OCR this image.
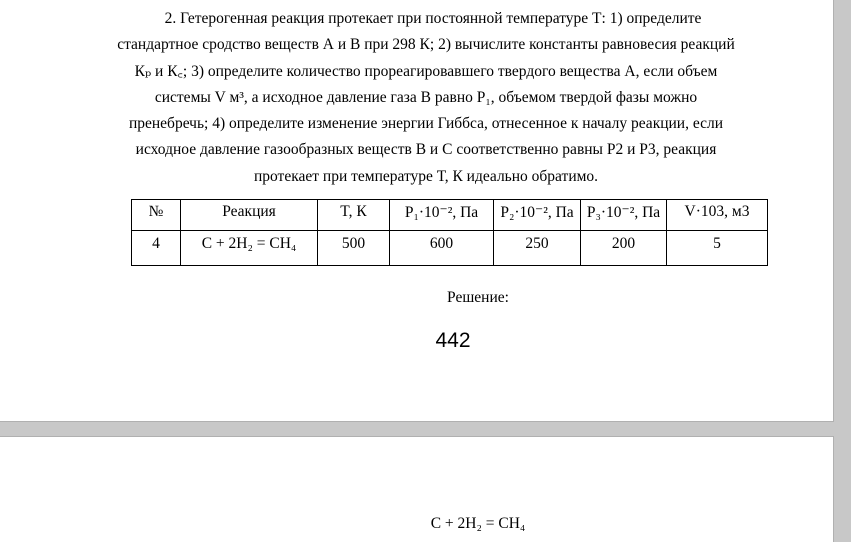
2. Гетерогенная реакция протекает при постоянной температуре Т: 1) определите
стандартное сродство веществ А и В при 298 К; 2) вычислите константы равновесия реакций
Кₚ и К꜀; 3) определите количество прореагировавшего твердого вещества А, если объем
системы V м³, а исходное давление газа В равно P₁, объемом твердой фазы можно
пренебречь; 4) определите изменение энергии Гиббса, отнесенное к началу реакции, если
исходное давление газообразных веществ В и С соответственно равны Р2 и Р3, реакция
протекает при температуре Т, К идеально обратимо.
№	Реакция	T, К	P₁·10⁻², Па	P₂·10⁻², Па	P₃·10⁻², Па	V·103, м3
4	C + 2H₂ = CH₄	500	600	250	200	5
Решение:
442
C + 2H₂ = CH₄
